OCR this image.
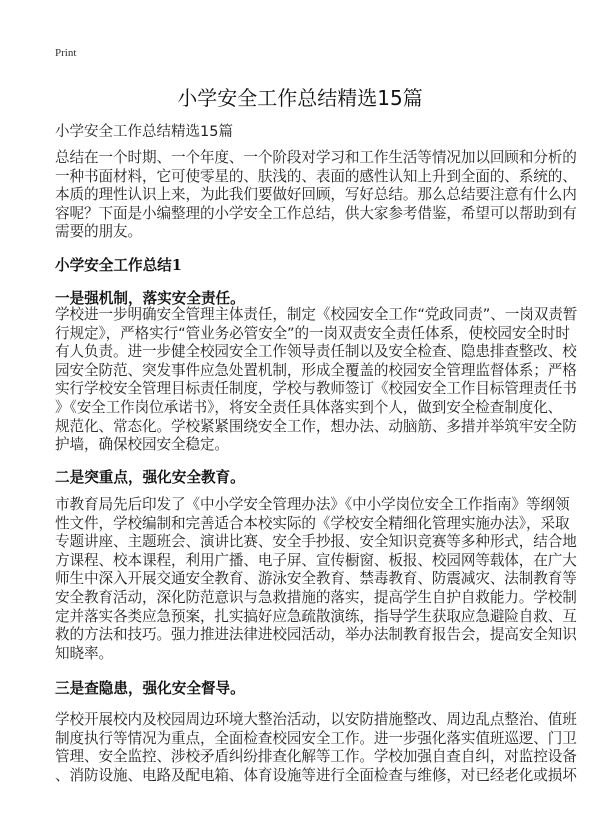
Print
小学安全工作总结精选15篇
小学安全工作总结精选15篇
总结在一个时期、一个年度、一个阶段对学习和工作生活等情况加以回顾和分析的
一种书面材料，它可使零星的、肤浅的、表面的感性认知上升到全面的、系统的、
本质的理性认识上来，为此我们要做好回顾，写好总结。那么总结要注意有什么内
容呢？下面是小编整理的小学安全工作总结，供大家参考借鉴，希望可以帮助到有
需要的朋友。
小学安全工作总结1
一是强机制，落实安全责任。
学校进一步明确安全管理主体责任，制定《校园安全工作“党政同责”、一岗双责暂
行规定》，严格实行“管业务必管安全”的一岗双责安全责任体系，使校园安全时时
有人负责。进一步健全校园安全工作领导责任制以及安全检查、隐患排查整改、校
园安全防范、突发事件应急处置机制，形成全覆盖的校园安全管理监督体系；严格
实行学校安全管理目标责任制度，学校与教师签订《校园安全工作目标管理责任书
》《安全工作岗位承诺书》，将安全责任具体落实到个人，做到安全检查制度化、
规范化、常态化。学校紧紧围绕安全工作，想办法、动脑筋、多措并举筑牢安全防
护墙，确保校园安全稳定。
二是突重点，强化安全教育。
市教育局先后印发了《中小学安全管理办法》《中小学岗位安全工作指南》等纲领
性文件，学校编制和完善适合本校实际的《学校安全精细化管理实施办法》，采取
专题讲座、主题班会、演讲比赛、安全手抄报、安全知识竞赛等多种形式，结合地
方课程、校本课程，利用广播、电子屏、宣传橱窗、板报、校园网等载体，在广大
师生中深入开展交通安全教育、游泳安全教育、禁毒教育、防震减灾、法制教育等
安全教育活动，深化防范意识与急救措施的落实，提高学生自护自救能力。学校制
定并落实各类应急预案，扎实搞好应急疏散演练，指导学生获取应急避险自救、互
救的方法和技巧。强力推进法律进校园活动，举办法制教育报告会，提高安全知识
知晓率。
三是查隐患，强化安全督导。
学校开展校内及校园周边环境大整治活动，以安防措施整改、周边乱点整治、值班
制度执行等情况为重点，全面检查校园安全工作。进一步强化落实值班巡逻、门卫
管理、安全监控、涉校矛盾纠纷排查化解等工作。学校加强自查自纠，对监控设备
、消防设施、电路及配电箱、体育设施等进行全面检查与维修，对已经老化或损坏
